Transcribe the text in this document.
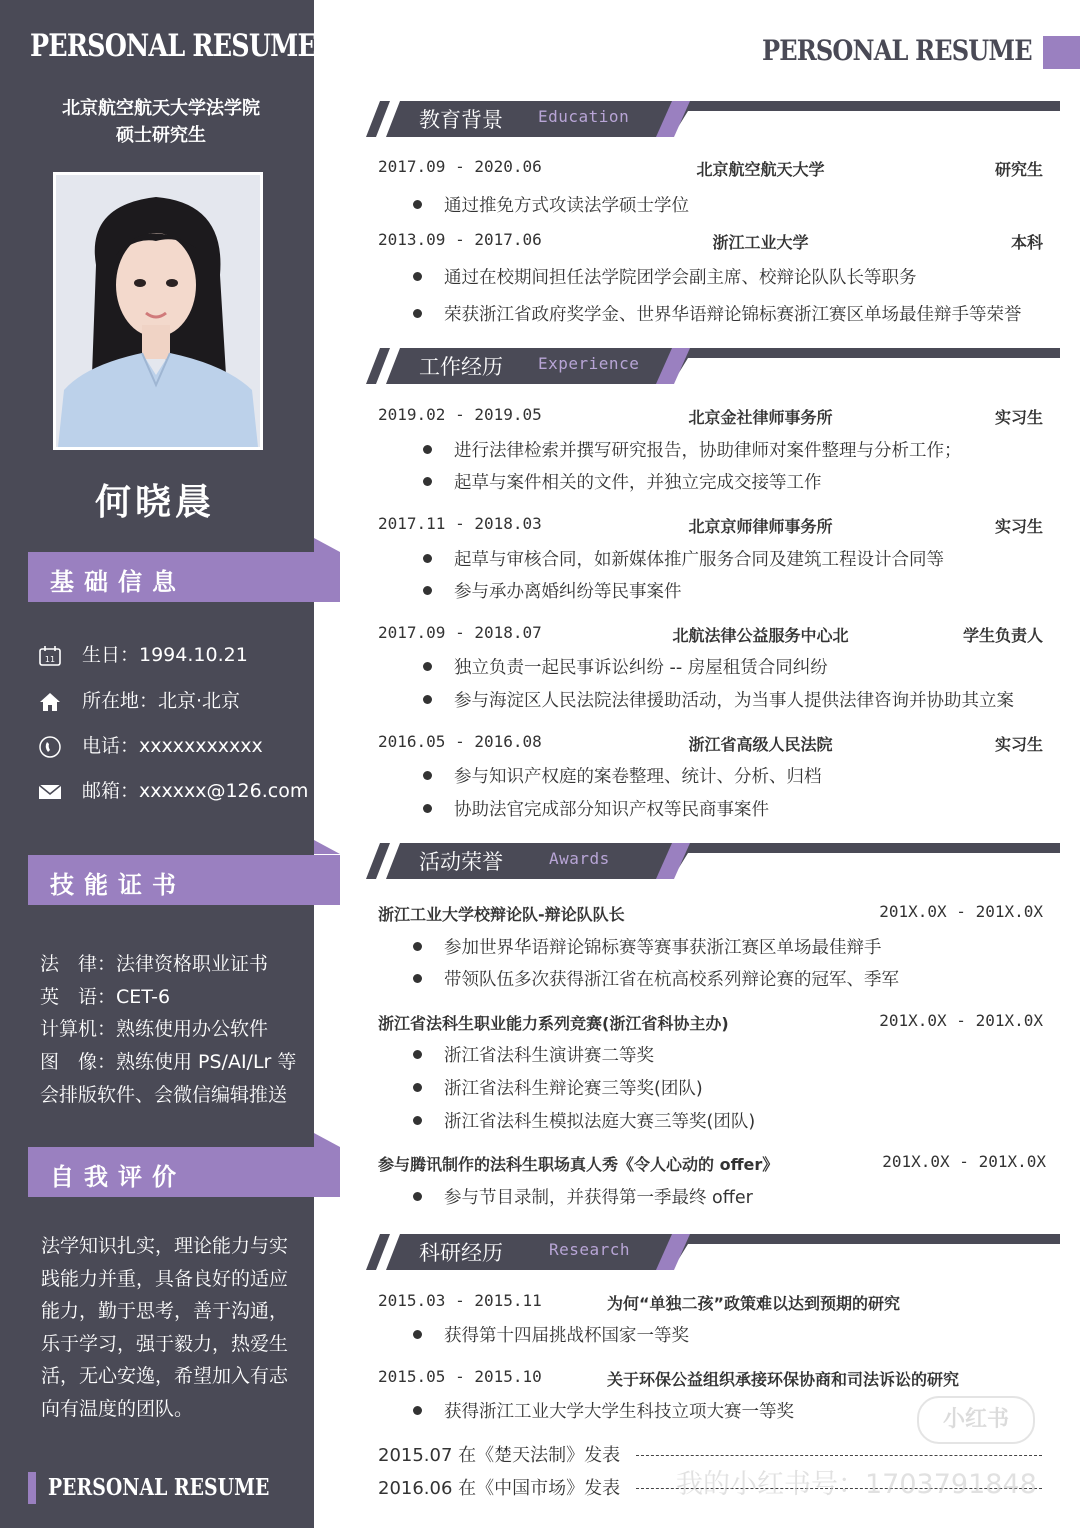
PERSONAL RESUME
北京航空航天大学法学院
硕士研究生
何晓晨
基础信息
11 生日：1994.10.21
所在地：北京·北京
电话：xxxxxxxxxxx
邮箱：xxxxxx@126.com
技能证书
法　律：法律资格职业证书
英　语：CET-6
计算机：熟练使用办公软件
图　像：熟练使用 PS/AI/Lr 等
会排版软件、会微信编辑推送
自我评价
法学知识扎实，理论能力与实践能力并重，具备良好的适应能力，勤于思考，善于沟通，乐于学习，强于毅力，热爱生活，无心安逸，希望加入有志向有温度的团队。
PERSONAL RESUME
PERSONAL RESUME
教育背景 Education
2017.09 - 2020.06	北京航空航天大学	研究生
通过推免方式攻读法学硕士学位
2013.09 - 2017.06	浙江工业大学	本科
通过在校期间担任法学院团学会副主席、校辩论队队长等职务
荣获浙江省政府奖学金、世界华语辩论锦标赛浙江赛区单场最佳辩手等荣誉
工作经历 Experience
2019.02 - 2019.05	北京金社律师事务所	实习生
进行法律检索并撰写研究报告，协助律师对案件整理与分析工作；
起草与案件相关的文件，并独立完成交接等工作
2017.11 - 2018.03	北京京师律师事务所	实习生
起草与审核合同，如新媒体推广服务合同及建筑工程设计合同等
参与承办离婚纠纷等民事案件
2017.09 - 2018.07	北航法律公益服务中心北	学生负责人
独立负责一起民事诉讼纠纷 -- 房屋租赁合同纠纷
参与海淀区人民法院法律援助活动，为当事人提供法律咨询并协助其立案
2016.05 - 2016.08	浙江省高级人民法院	实习生
参与知识产权庭的案卷整理、统计、分析、归档
协助法官完成部分知识产权等民商事案件
活动荣誉	Awards
浙江工业大学校辩论队-辩论队队长	201X.0X - 201X.0X
参加世界华语辩论锦标赛等赛事获浙江赛区单场最佳辩手
带领队伍多次获得浙江省在杭高校系列辩论赛的冠军、季军
浙江省法科生职业能力系列竞赛(浙江省科协主办)	201X.0X - 201X.0X
浙江省法科生演讲赛二等奖
浙江省法科生辩论赛三等奖(团队)
浙江省法科生模拟法庭大赛三等奖(团队)
参与腾讯制作的法科生职场真人秀《令人心动的 offer》	201X.0X - 201X.0X
参与节目录制，并获得第一季最终 offer
科研经历	Research
2015.03 - 2015.11	为何“单独二孩”政策难以达到预期的研究
获得第十四届挑战杯国家一等奖
2015.05 - 2015.10	关于环保公益组织承接环保协商和司法诉讼的研究
获得浙江工业大学大学生科技立项大赛一等奖
2015.07 在《楚天法制》发表
2016.06 在《中国市场》发表
小红书
我的小红书号：1703791848
